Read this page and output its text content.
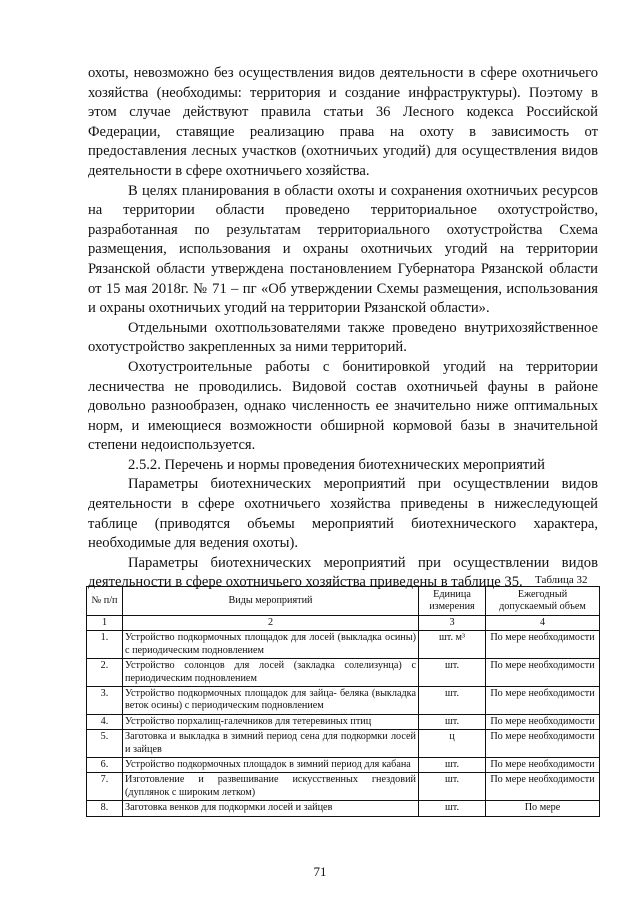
охоты, невозможно без осуществления видов деятельности в сфере охотничьего хозяйства (необходимы: территория и создание инфраструктуры). Поэтому в этом случае действуют правила статьи 36 Лесного кодекса Российской Федерации, ставящие реализацию права на охоту в зависимость от предоставления лесных участков (охотничьих угодий) для осуществления видов деятельности в сфере охотничьего хозяйства.

В целях планирования в области охоты и сохранения охотничьих ресурсов на территории области проведено территориальное охотустройство, разработанная по результатам территориального охотустройства Схема размещения, использования и охраны охотничьих угодий на территории Рязанской области утверждена постановлением Губернатора Рязанской области от 15 мая 2018г. № 71 – пг «Об утверждении Схемы размещения, использования и охраны охотничьих угодий на территории Рязанской области».

Отдельными охотпользователями также проведено внутрихозяйственное охотустройство закрепленных за ними территорий.

Охотустроительные работы с бонитировкой угодий на территории лесничества не проводились. Видовой состав охотничьей фауны в районе довольно разнообразен, однако численность ее значительно ниже оптимальных норм, и имеющиеся возможности обширной кормовой базы в значительной степени недоиспользуется.

2.5.2. Перечень и нормы проведения биотехнических мероприятий

Параметры биотехнических мероприятий при осуществлении видов деятельности в сфере охотничьего хозяйства приведены в нижеследующей таблице (приводятся объемы мероприятий биотехнического характера, необходимые для ведения охоты).

Параметры биотехнических мероприятий при осуществлении видов деятельности в сфере охотничьего хозяйства приведены в таблице 35.	Таблица 32
№ п/п	Виды мероприятий	Единица измерения	Ежегодный допускаемый объем
1	2	3	4
1.	Устройство подкормочных площадок для лосей (выкладка осины) с периодическим подновлением	шт. м³	По мере необходимости
2.	Устройство солонцов для лосей (закладка солелизунца) с периодическим подновлением	шт.	По мере необходимости
3.	Устройство подкормочных площадок для зайца- беляка (выкладка веток осины) с периодическим подновлением	шт.	По мере необходимости
4.	Устройство порхалищ-галечников для тетеревиных птиц	шт.	По мере необходимости
5.	Заготовка и выкладка в зимний период сена для подкормки лосей и зайцев	ц	По мере необходимости
6.	Устройство подкормочных площадок в зимний период для кабана	шт.	По мере необходимости
7.	Изготовление и развешивание искусственных гнездовий (дуплянок с широким летком)	шт.	По мере необходимости
8.	Заготовка венков для подкормки лосей и зайцев	шт.	По мере
71
